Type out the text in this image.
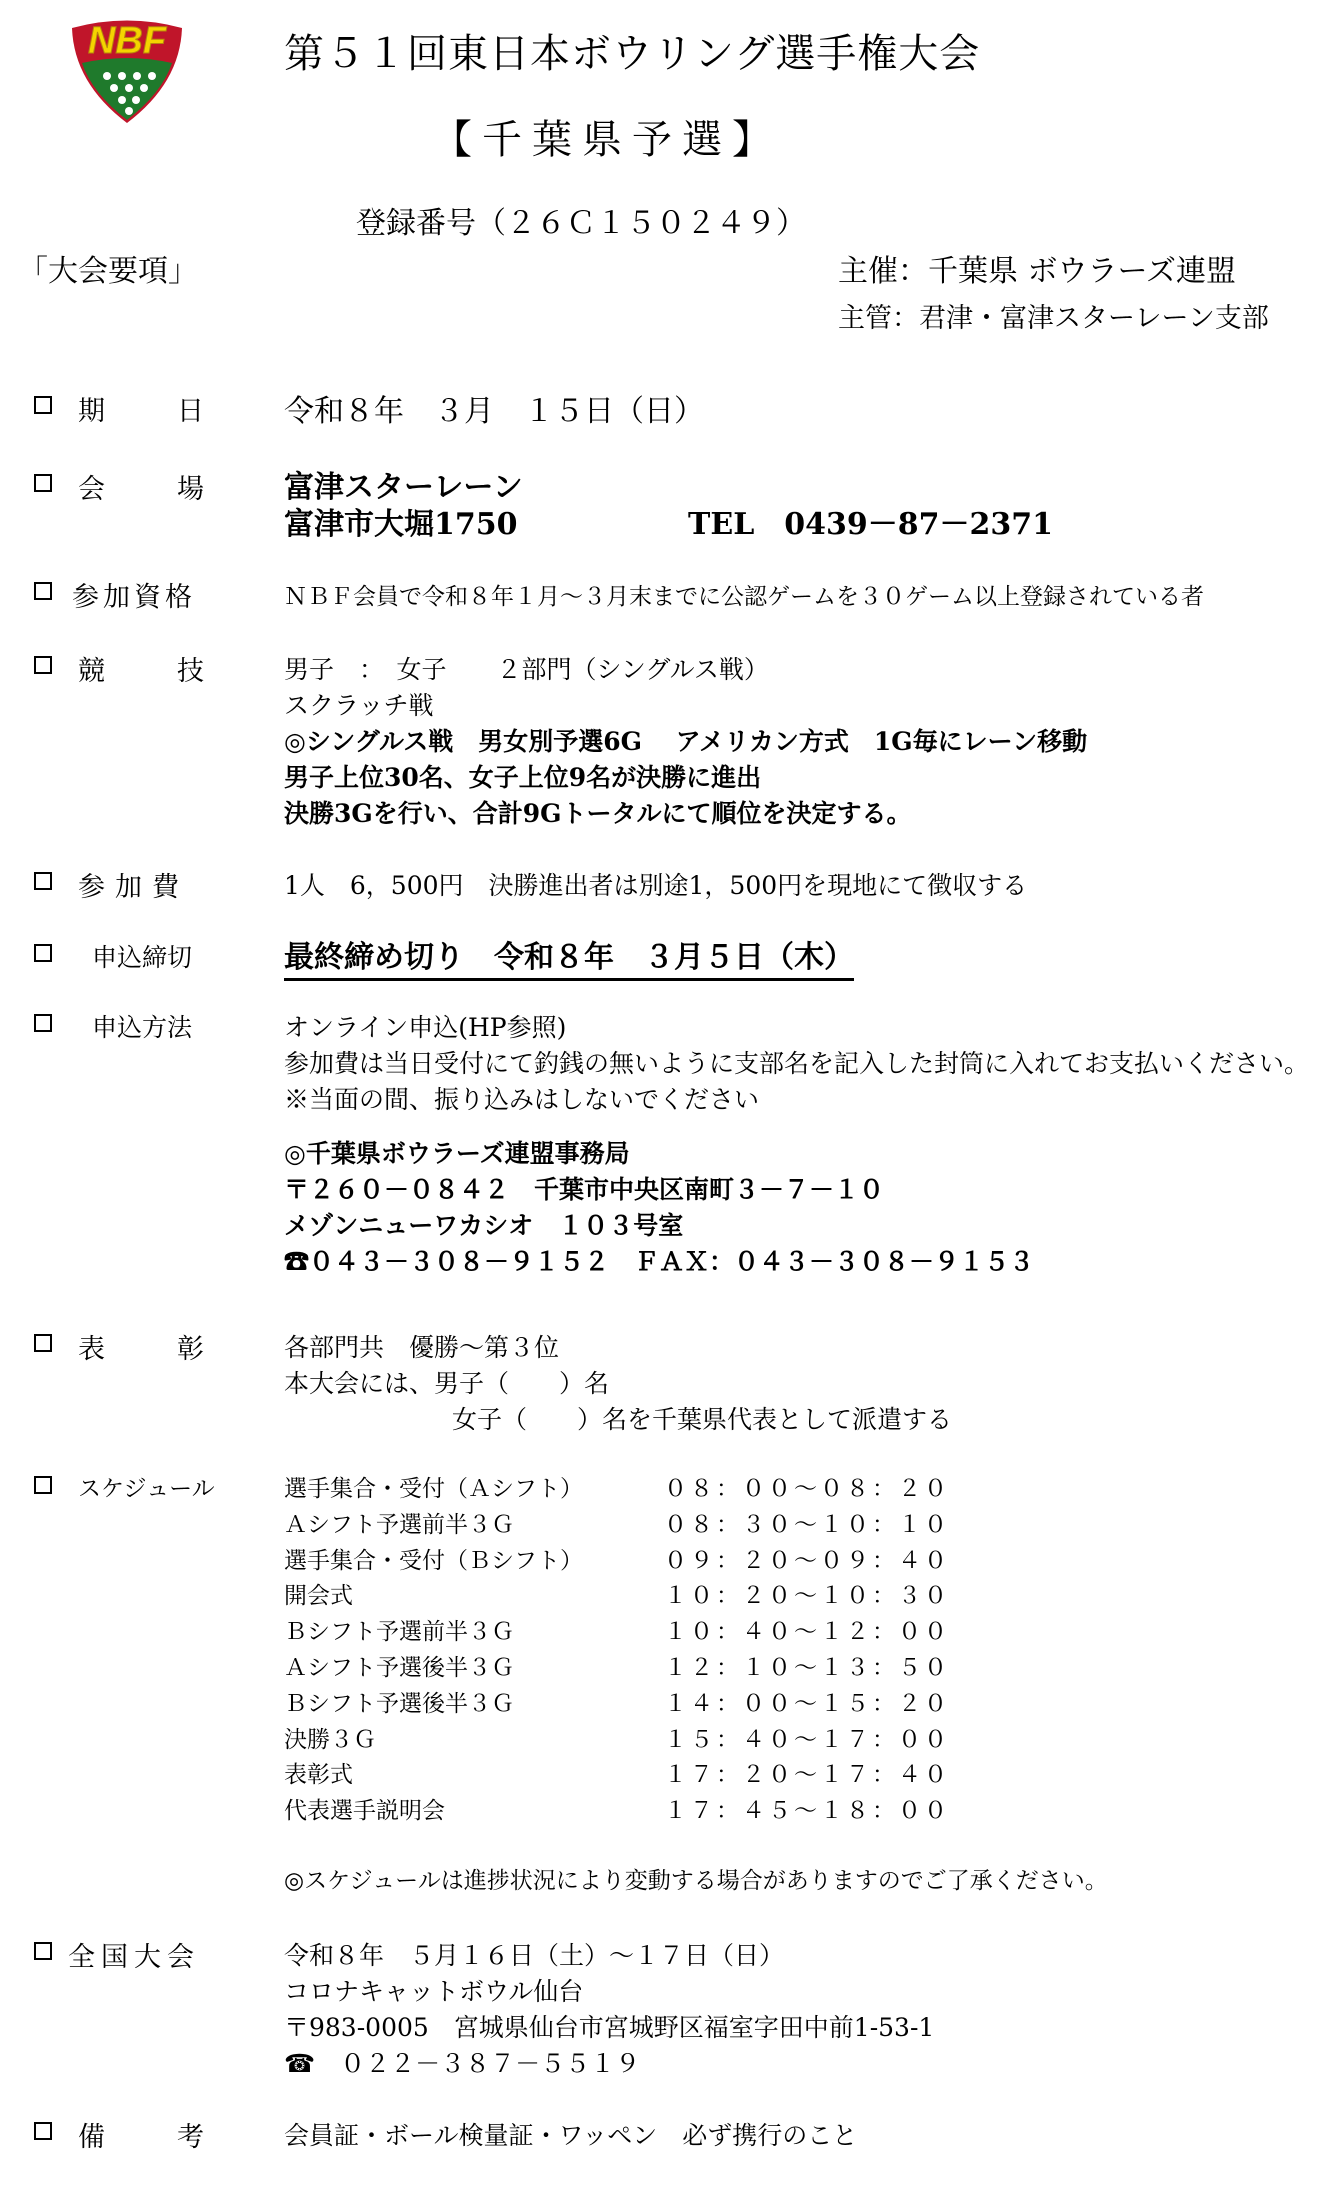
NBF	第５１回東日本ボウリング選手権大会
【千葉県予選】
登録番号（２６Ｃ１５０２４９）
「大会要項」	主催：千葉県 ボウラーズ連盟
主管：君津・富津スターレーン支部
期　　日 令和８年　３月　１５日（日）
会　　場 富津スターレーン
富津市大堀1750	TEL　0439－87－2371
参加資格	ＮＢＦ会員で令和８年１月～３月末までに公認ゲームを３０ゲーム以上登録されている者
競　　技	男子　：　女子　　２部門（シングルス戦）
スクラッチ戦
◎シングルス戦　男女別予選6G　 アメリカン方式　1G毎にレーン移動
男子上位30名、女子上位9名が決勝に進出
決勝3Gを行い、合計9Gトータルにて順位を決定する。
参加費	1人　6，500円　決勝進出者は別途1，500円を現地にて徴収する
申込締切	最終締め切り　令和８年　３月５日（木）
申込方法	オンライン申込(HP参照)
参加費は当日受付にて釣銭の無いように支部名を記入した封筒に入れてお支払いください。
※当面の間、振り込みはしないでください
◎千葉県ボウラーズ連盟事務局
〒２６０－０８４２　千葉市中央区南町３－７－１０
メゾンニューワカシオ　１０３号室
☎０４３－３０８－９１５２　ＦＡＸ：０４３－３０８－９１５３
表　　彰	各部門共　優勝～第３位
本大会には、男子（　　）名
女子（　　）名を千葉県代表として派遣する
スケジュール	選手集合・受付（Ａシフト）	０８：００～０８：２０
Ａシフト予選前半３Ｇ	０８：３０～１０：１０
選手集合・受付（Ｂシフト）	０９：２０～０９：４０
開会式	１０：２０～１０：３０
Ｂシフト予選前半３Ｇ	１０：４０～１２：００
Ａシフト予選後半３Ｇ	１２：１０～１３：５０
Ｂシフト予選後半３Ｇ	１４：００～１５：２０
決勝３Ｇ	１５：４０～１７：００
表彰式	１７：２０～１７：４０
代表選手説明会	１７：４５～１８：００
◎スケジュールは進捗状況により変動する場合がありますのでご了承ください。
全国大会	令和８年　５月１６日（土）～１７日（日）
コロナキャットボウル仙台
〒983-0005　宮城県仙台市宮城野区福室字田中前1-53-1
☎　０２２－３８７－５５１９
備　　考	会員証・ボール検量証・ワッペン　必ず携行のこと
